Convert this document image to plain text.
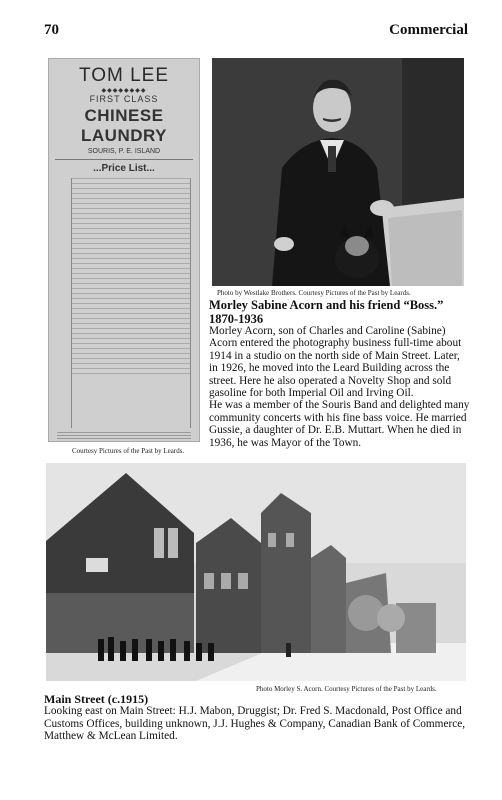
70	Commercial
TOM LEE
◆◆◆◆◆◆◆◆
FIRST CLASS
CHINESE LAUNDRY
SOURIS, P. E. ISLAND
...Price List...
Courtesy Pictures of the Past by Leards.
Photo by Westlake Brothers. Courtesy Pictures of the Past by Leards.
Morley Sabine Acorn and his friend “Boss.”
1870-1936

Morley Acorn, son of Charles and Caroline (Sabine) Acorn entered the photography business full-time about 1914 in a studio on the north side of Main Street. Later, in 1926, he moved into the Leard Building across the street. Here he also operated a Novelty Shop and sold gasoline for both Imperial Oil and Irving Oil.

He was a member of the Souris Band and delighted many community concerts with his fine bass voice. He married Gussie, a daughter of Dr. E.B. Muttart. When he died in 1936, he was Mayor of the Town.

Photo Morley S. Acorn. Courtesy Pictures of the Past by Leards.
Main Street (c.1915)
Looking east on Main Street: H.J. Mabon, Druggist; Dr. Fred S. Macdonald, Post Office and Customs Offices, building unknown, J.J. Hughes & Company, Canadian Bank of Commerce, Matthew & McLean Limited.
